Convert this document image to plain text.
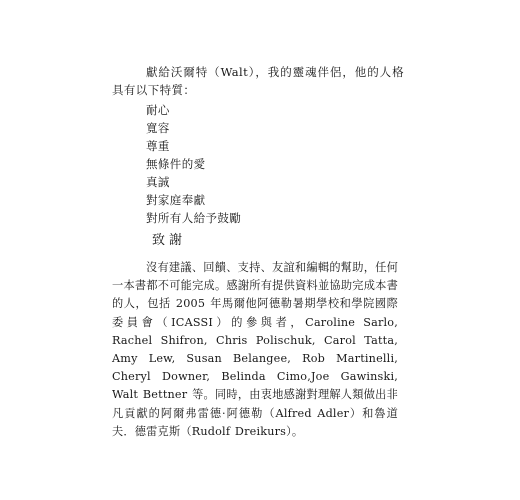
獻給沃爾特（Walt），我的靈魂伴侶，他的人格具有以下特質：

耐心
寬容
尊重
無條件的愛
真誠
對家庭奉獻
對所有人給予鼓勵
致謝

沒有建議、回饋、支持、友誼和編輯的幫助，任何一本書都不可能完成。感謝所有提供資料並協助完成本書的人，包括 2005 年馬爾他阿德勒暑期學校和學院國際委員會（ICASSI）的參與者，Caroline Sarlo, Rachel Shifron, Chris Polischuk, Carol Tatta, Amy Lew, Susan Belangee, Rob Martinelli, Cheryl Downer, Belinda Cimo,Joe Gawinski, Walt Bettner 等。同時，由衷地感謝對理解人類做出非凡貢獻的阿爾弗雷德·阿德勒（Alfred Adler）和魯道夫．德雷克斯（Rudolf Dreikurs）。
